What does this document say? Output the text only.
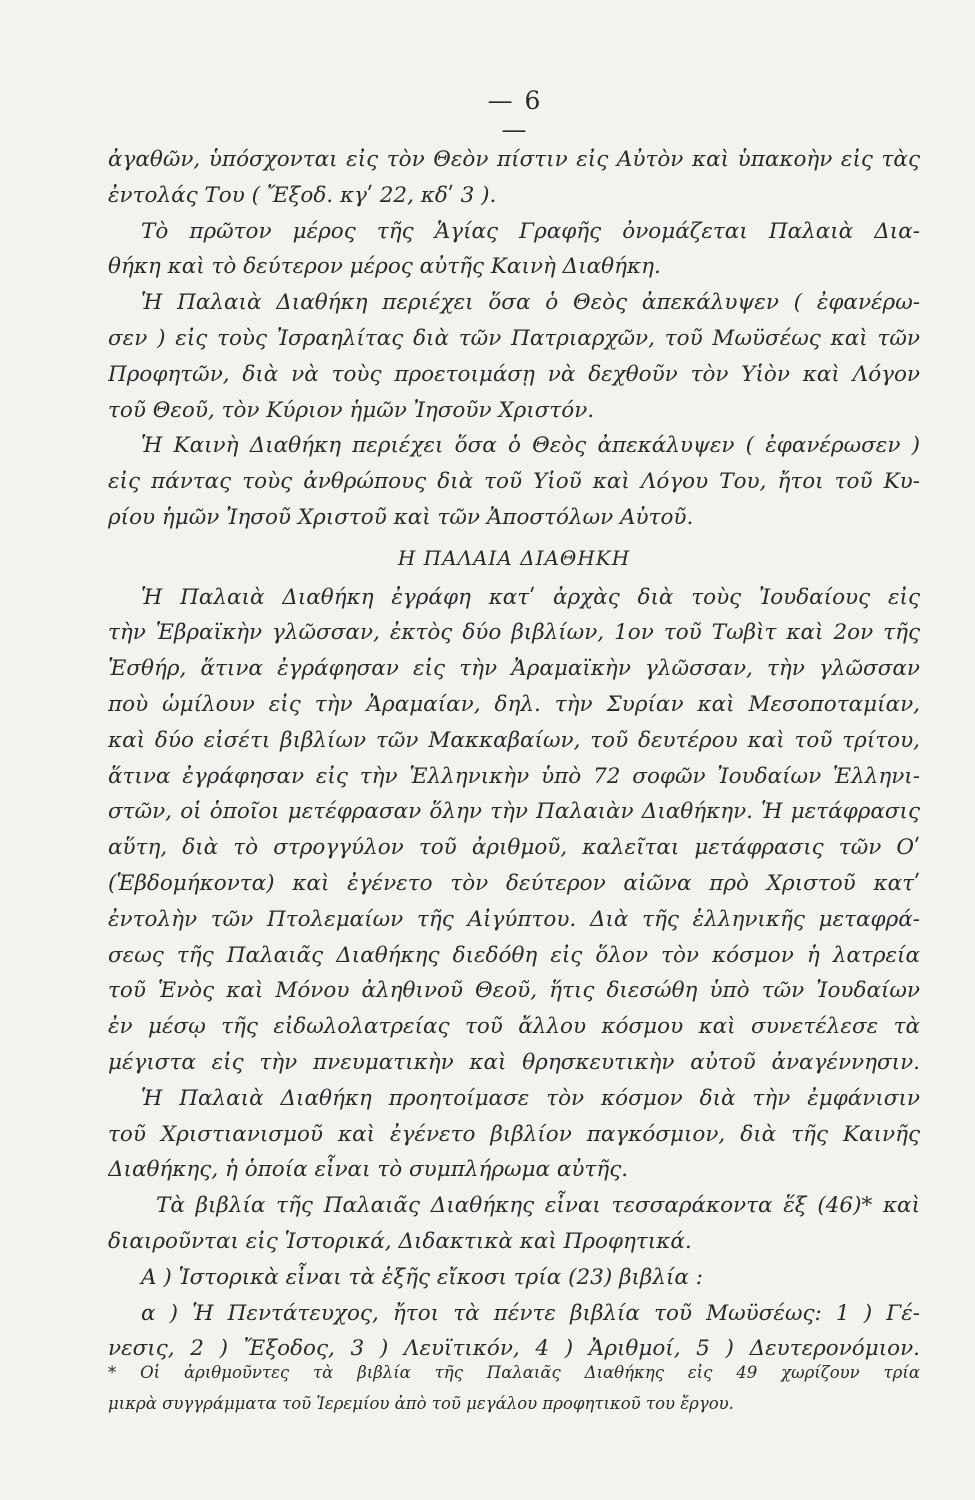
— 6 —
ἀγαθῶν, ὑπόσχονται εἰς τὸν Θεὸν πίστιν εἰς Αὐτὸν καὶ ὑπακοὴν εἰς τὰς
ἐντολάς Του ( Ἔξοδ. κγʹ 22, κδʹ 3 ).
Τὸ πρῶτον μέρος τῆς Ἁγίας Γραφῆς ὀνομάζεται Παλαιὰ Δια-
θήκη καὶ τὸ δεύτερον μέρος αὐτῆς Καινὴ Διαθήκη.
Ἡ Παλαιὰ Διαθήκη περιέχει ὅσα ὁ Θεὸς ἀπεκάλυψεν ( ἐφανέρω-
σεν ) εἰς τοὺς Ἰσραηλίτας διὰ τῶν Πατριαρχῶν, τοῦ Μωϋσέως καὶ τῶν
Προφητῶν, διὰ νὰ τοὺς προετοιμάσῃ νὰ δεχθοῦν τὸν Υἱὸν καὶ Λόγον
τοῦ Θεοῦ, τὸν Κύριον ἡμῶν Ἰησοῦν Χριστόν.
Ἡ Καινὴ Διαθήκη περιέχει ὅσα ὁ Θεὸς ἀπεκάλυψεν ( ἐφανέρωσεν )
εἰς πάντας τοὺς ἀνθρώπους διὰ τοῦ Υἱοῦ καὶ Λόγου Του, ἤτοι τοῦ Κυ-
ρίου ἡμῶν Ἰησοῦ Χριστοῦ καὶ τῶν Ἀποστόλων Αὐτοῦ.
Η ΠΑΛΑΙΑ ΔΙΑΘΗΚΗ
Ἡ Παλαιὰ Διαθήκη ἐγράφη κατʹ ἀρχὰς διὰ τοὺς Ἰουδαίους εἰς
τὴν Ἑβραϊκὴν γλῶσσαν, ἐκτὸς δύο βιβλίων, 1ον τοῦ Τωβὶτ καὶ 2ον τῆς
Ἐσθήρ, ἅτινα ἐγράφησαν εἰς τὴν Ἀραμαϊκὴν γλῶσσαν, τὴν γλῶσσαν
ποὺ ὡμίλουν εἰς τὴν Ἀραμαίαν, δηλ. τὴν Συρίαν καὶ Μεσοποταμίαν,
καὶ δύο εἰσέτι βιβλίων τῶν Μακκαβαίων, τοῦ δευτέρου καὶ τοῦ τρίτου,
ἅτινα ἐγράφησαν εἰς τὴν Ἑλληνικὴν ὑπὸ 72 σοφῶν Ἰουδαίων Ἑλληνι-
στῶν, οἱ ὁποῖοι μετέφρασαν ὅλην τὴν Παλαιὰν Διαθήκην. Ἡ μετάφρασις
αὕτη, διὰ τὸ στρογγύλον τοῦ ἀριθμοῦ, καλεῖται μετάφρασις τῶν Οʹ
(Ἑβδομήκοντα) καὶ ἐγένετο τὸν δεύτερον αἰῶνα πρὸ Χριστοῦ κατʹ
ἐντολὴν τῶν Πτολεμαίων τῆς Αἰγύπτου. Διὰ τῆς ἑλληνικῆς μεταφρά-
σεως τῆς Παλαιᾶς Διαθήκης διεδόθη εἰς ὅλον τὸν κόσμον ἡ λατρεία
τοῦ Ἑνὸς καὶ Μόνου ἀληθινοῦ Θεοῦ, ἥτις διεσώθη ὑπὸ τῶν Ἰουδαίων
ἐν μέσῳ τῆς εἰδωλολατρείας τοῦ ἄλλου κόσμου καὶ συνετέλεσε τὰ
μέγιστα εἰς τὴν πνευματικὴν καὶ θρησκευτικὴν αὐτοῦ ἀναγέννησιν.
Ἡ Παλαιὰ Διαθήκη προητοίμασε τὸν κόσμον διὰ τὴν ἐμφάνισιν
τοῦ Χριστιανισμοῦ καὶ ἐγένετο βιβλίον παγκόσμιον, διὰ τῆς Καινῆς
Διαθήκης, ἡ ὁποία εἶναι τὸ συμπλήρωμα αὐτῆς.
Τὰ βιβλία τῆς Παλαιᾶς Διαθήκης εἶναι τεσσαράκοντα ἕξ (46)* καὶ
διαιροῦνται εἰς Ἱστορικά, Διδακτικὰ καὶ Προφητικά.
Α ) Ἱστορικὰ εἶναι τὰ ἑξῆς εἴκοσι τρία (23) βιβλία :
α ) Ἡ Πεντάτευχος, ἤτοι τὰ πέντε βιβλία τοῦ Μωϋσέως: 1 ) Γέ-
νεσις, 2 ) Ἔξοδος, 3 ) Λευϊτικόν, 4 ) Ἀριθμοί, 5 ) Δευτερονόμιον.
* Οἱ ἀριθμοῦντες τὰ βιβλία τῆς Παλαιᾶς Διαθήκης εἰς 49 χωρίζουν τρία
μικρὰ συγγράμματα τοῦ Ἱερεμίου ἀπὸ τοῦ μεγάλου προφητικοῦ του ἔργου.
